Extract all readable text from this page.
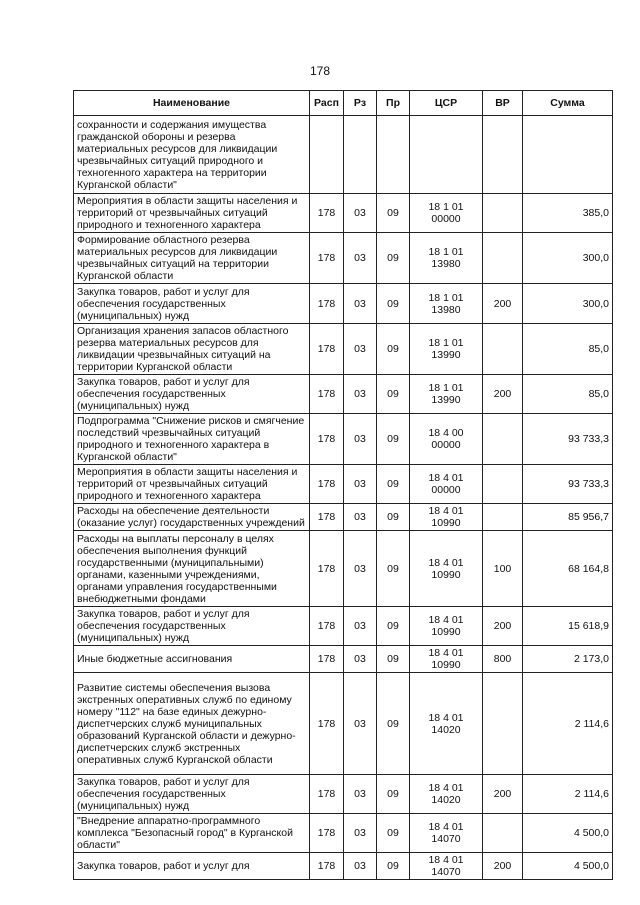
178
Наименование	Расп	Рз	Пр	ЦСР	ВР	Сумма
сохранности и содержания имущества гражданской обороны и резерва материальных ресурсов для ликвидации чрезвычайных ситуаций природного и техногенного характера на территории Курганской области"						
Мероприятия в области защиты населения и территорий от чрезвычайных ситуаций природного и техногенного характера	178	03	09	18 1 01 00000		385,0
Формирование областного резерва материальных ресурсов для ликвидации чрезвычайных ситуаций на территории Курганской области	178	03	09	18 1 01 13980		300,0
Закупка товаров, работ и услуг для обеспечения государственных (муниципальных) нужд	178	03	09	18 1 01 13980	200	300,0
Организация хранения запасов областного резерва материальных ресурсов для ликвидации чрезвычайных ситуаций на территории Курганской области	178	03	09	18 1 01 13990		85,0
Закупка товаров, работ и услуг для обеспечения государственных (муниципальных) нужд	178	03	09	18 1 01 13990	200	85,0
Подпрограмма "Снижение рисков и смягчение последствий чрезвычайных ситуаций природного и техногенного характера в Курганской области"	178	03	09	18 4 00 00000		93 733,3
Мероприятия в области защиты населения и территорий от чрезвычайных ситуаций природного и техногенного характера	178	03	09	18 4 01 00000		93 733,3
Расходы на обеспечение деятельности (оказание услуг) государственных учреждений	178	03	09	18 4 01 10990		85 956,7
Расходы на выплаты персоналу в целях обеспечения выполнения функций государственными (муниципальными) органами, казенными учреждениями, органами управления государственными внебюджетными фондами	178	03	09	18 4 01 10990	100	68 164,8
Закупка товаров, работ и услуг для обеспечения государственных (муниципальных) нужд	178	03	09	18 4 01 10990	200	15 618,9
Иные бюджетные ассигнования	178	03	09	18 4 01 10990	800	2 173,0
Развитие системы обеспечения вызова экстренных оперативных служб по единому номеру "112" на базе единых дежурно-диспетчерских служб муниципальных образований Курганской области и дежурно-диспетчерских служб экстренных оперативных служб Курганской области	178	03	09	18 4 01 14020		2 114,6
Закупка товаров, работ и услуг для обеспечения государственных (муниципальных) нужд	178	03	09	18 4 01 14020	200	2 114,6
"Внедрение аппаратно-программного комплекса "Безопасный город" в Курганской области"	178	03	09	18 4 01 14070		4 500,0
Закупка товаров, работ и услуг для	178	03	09	18 4 01 14070	200	4 500,0
